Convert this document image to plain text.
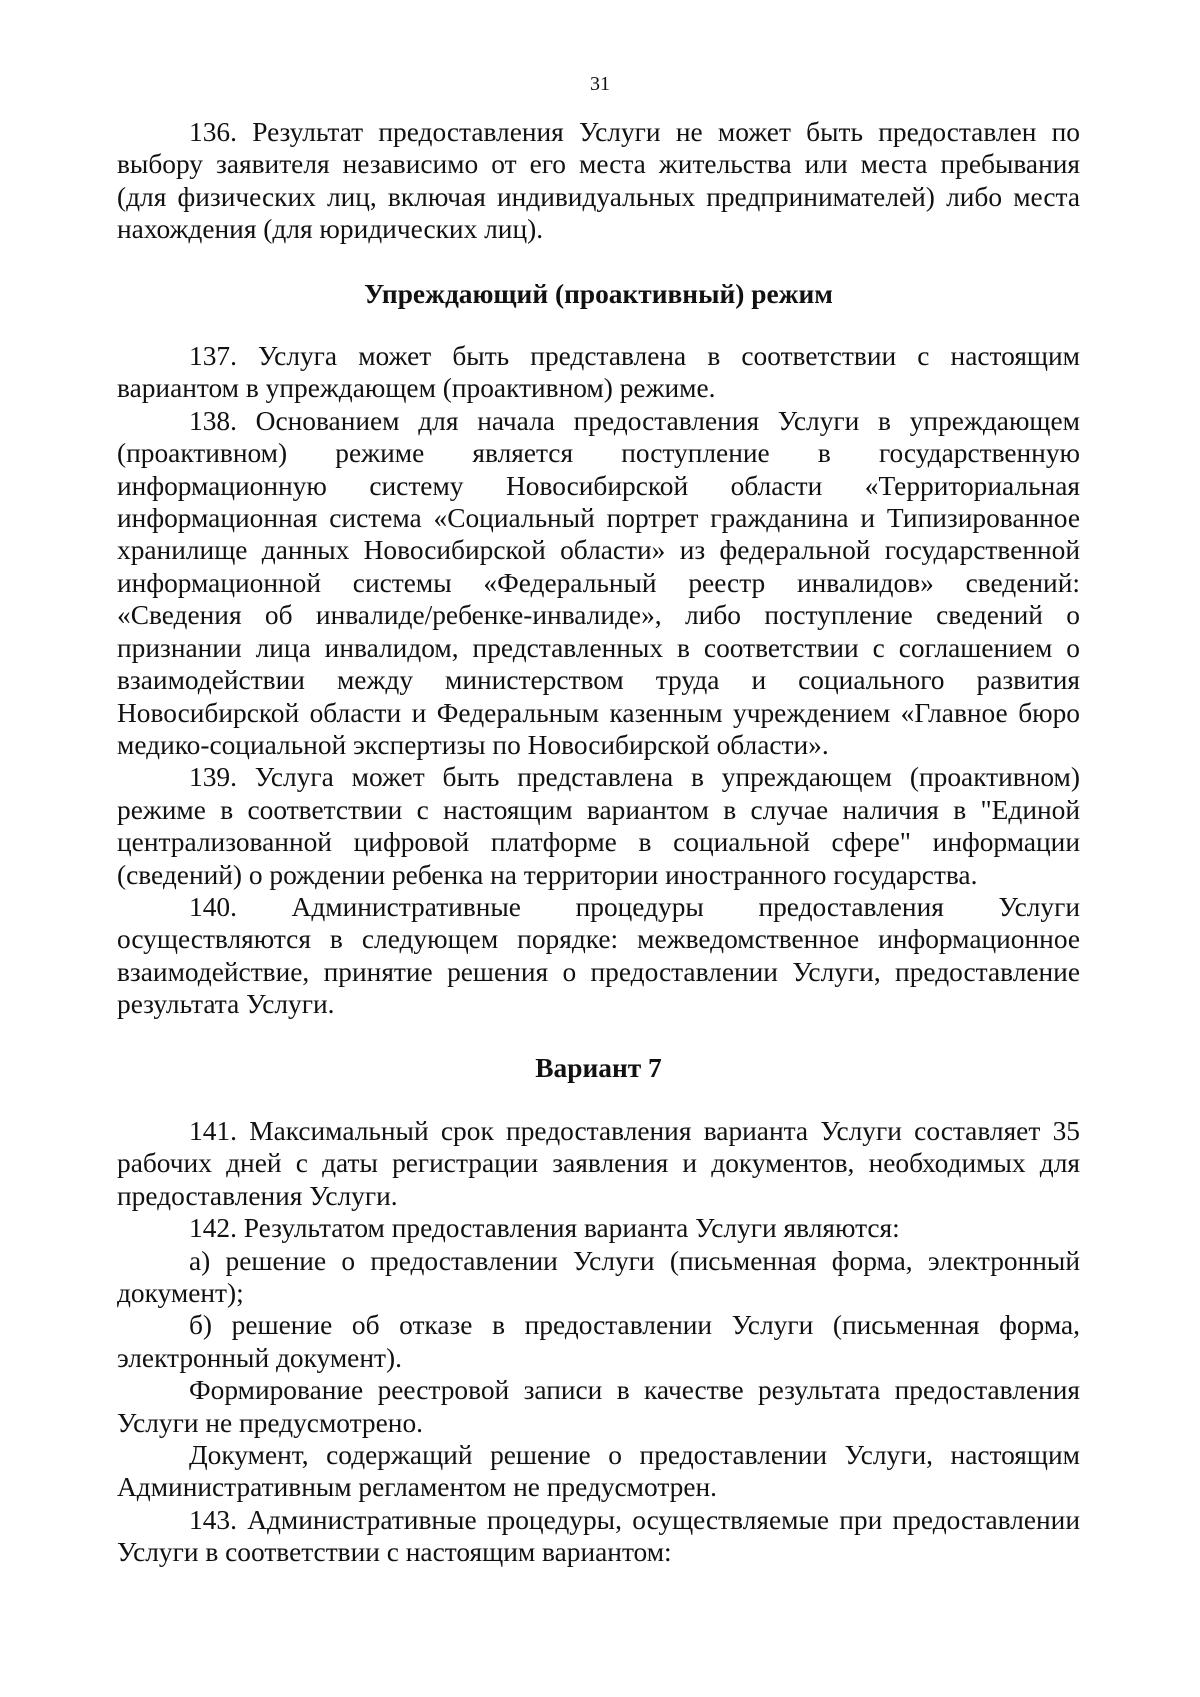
31

136. Результат предоставления Услуги не может быть предоставлен по выбору заявителя независимо от его места жительства или места пребывания (для физических лиц, включая индивидуальных предпринимателей) либо места нахождения (для юридических лиц).

Упреждающий (проактивный) режим

137. Услуга может быть представлена в соответствии с настоящим вариантом в упреждающем (проактивном) режиме.

138. Основанием для начала предоставления Услуги в упреждающем (проактивном) режиме является поступление в государственную информационную систему Новосибирской области «Территориальная информационная система «Социальный портрет гражданина и Типизированное хранилище данных Новосибирской области» из федеральной государственной информационной системы «Федеральный реестр инвалидов» сведений: «Сведения об инвалиде/ребенке-инвалиде», либо поступление сведений о признании лица инвалидом, представленных в соответствии с соглашением о взаимодействии между министерством труда и социального развития Новосибирской области и Федеральным казенным учреждением «Главное бюро медико-социальной экспертизы по Новосибирской области».

139. Услуга может быть представлена в упреждающем (проактивном) режиме в соответствии с настоящим вариантом в случае наличия в "Единой централизованной цифровой платформе в социальной сфере" информации (сведений) о рождении ребенка на территории иностранного государства.

140. Административные процедуры предоставления Услуги осуществляются в следующем порядке: межведомственное информационное взаимодействие, принятие решения о предоставлении Услуги, предоставление результата Услуги.

Вариант 7

141. Максимальный срок предоставления варианта Услуги составляет 35 рабочих дней с даты регистрации заявления и документов, необходимых для предоставления Услуги.

142. Результатом предоставления варианта Услуги являются:

а) решение о предоставлении Услуги (письменная форма, электронный документ);

б) решение об отказе в предоставлении Услуги (письменная форма, электронный документ).

Формирование реестровой записи в качестве результата предоставления Услуги не предусмотрено.

Документ, содержащий решение о предоставлении Услуги, настоящим Административным регламентом не предусмотрен.

143. Административные процедуры, осуществляемые при предоставлении Услуги в соответствии с настоящим вариантом:
